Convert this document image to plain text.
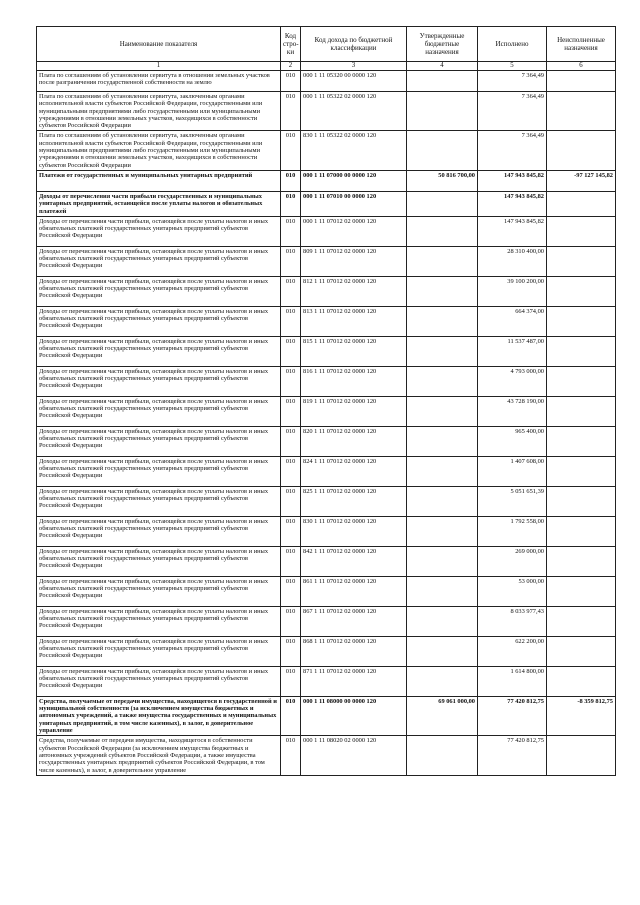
Наименование показателя	Код стро-ки	Код дохода по бюджетной классификации	Утвержденные бюджетные назначения	Исполнено	Неисполненные назначения
1	2	3	4	5	6
Плата по соглашениям об установлении сервитута в отношении земельных участков после разграничения государственной собственности на землю	010	000 1 11 05320 00 0000 120		7 364,49	
Плата по соглашениям об установлении сервитута, заключенным органами исполнительной власти субъектов Российской Федерации, государственными или муниципальными предприятиями либо государственными или муниципальными учреждениями в отношении земельных участков, находящихся в собственности субъектов Российской Федерации	010	000 1 11 05322 02 0000 120		7 364,49	
Плата по соглашениям об установлении сервитута, заключенным органами исполнительной власти субъектов Российской Федерации, государственными или муниципальными предприятиями либо государственными или муниципальными учреждениями в отношении земельных участков, находящихся в собственности субъектов Российской Федерации	010	830 1 11 05322 02 0000 120		7 364,49	
Платежи от государственных и муниципальных унитарных предприятий	010	000 1 11 07000 00 0000 120	50 816 700,00	147 943 845,82	-97 127 145,82
Доходы от перечисления части прибыли государственных и муниципальных унитарных предприятий, остающейся после уплаты налогов и обязательных платежей	010	000 1 11 07010 00 0000 120		147 943 845,82	
Доходы от перечисления части прибыли, остающейся после уплаты налогов и иных обязательных платежей государственных унитарных предприятий субъектов Российской Федерации	010	000 1 11 07012 02 0000 120		147 943 845,82	
Доходы от перечисления части прибыли, остающейся после уплаты налогов и иных обязательных платежей государственных унитарных предприятий субъектов Российской Федерации	010	809 1 11 07012 02 0000 120		28 310 400,00	
Доходы от перечисления части прибыли, остающейся после уплаты налогов и иных обязательных платежей государственных унитарных предприятий субъектов Российской Федерации	010	812 1 11 07012 02 0000 120		39 100 200,00	
Доходы от перечисления части прибыли, остающейся после уплаты налогов и иных обязательных платежей государственных унитарных предприятий субъектов Российской Федерации	010	813 1 11 07012 02 0000 120		664 374,00	
Доходы от перечисления части прибыли, остающейся после уплаты налогов и иных обязательных платежей государственных унитарных предприятий субъектов Российской Федерации	010	815 1 11 07012 02 0000 120		11 537 487,00	
Доходы от перечисления части прибыли, остающейся после уплаты налогов и иных обязательных платежей государственных унитарных предприятий субъектов Российской Федерации	010	816 1 11 07012 02 0000 120		4 793 000,00	
Доходы от перечисления части прибыли, остающейся после уплаты налогов и иных обязательных платежей государственных унитарных предприятий субъектов Российской Федерации	010	819 1 11 07012 02 0000 120		43 728 190,00	
Доходы от перечисления части прибыли, остающейся после уплаты налогов и иных обязательных платежей государственных унитарных предприятий субъектов Российской Федерации	010	820 1 11 07012 02 0000 120		965 400,00	
Доходы от перечисления части прибыли, остающейся после уплаты налогов и иных обязательных платежей государственных унитарных предприятий субъектов Российской Федерации	010	824 1 11 07012 02 0000 120		1 407 608,00	
Доходы от перечисления части прибыли, остающейся после уплаты налогов и иных обязательных платежей государственных унитарных предприятий субъектов Российской Федерации	010	825 1 11 07012 02 0000 120		5 051 651,39	
Доходы от перечисления части прибыли, остающейся после уплаты налогов и иных обязательных платежей государственных унитарных предприятий субъектов Российской Федерации	010	830 1 11 07012 02 0000 120		1 792 558,00	
Доходы от перечисления части прибыли, остающейся после уплаты налогов и иных обязательных платежей государственных унитарных предприятий субъектов Российской Федерации	010	842 1 11 07012 02 0000 120		269 000,00	
Доходы от перечисления части прибыли, остающейся после уплаты налогов и иных обязательных платежей государственных унитарных предприятий субъектов Российской Федерации	010	861 1 11 07012 02 0000 120		53 000,00	
Доходы от перечисления части прибыли, остающейся после уплаты налогов и иных обязательных платежей государственных унитарных предприятий субъектов Российской Федерации	010	867 1 11 07012 02 0000 120		8 033 977,43	
Доходы от перечисления части прибыли, остающейся после уплаты налогов и иных обязательных платежей государственных унитарных предприятий субъектов Российской Федерации	010	868 1 11 07012 02 0000 120		622 200,00	
Доходы от перечисления части прибыли, остающейся после уплаты налогов и иных обязательных платежей государственных унитарных предприятий субъектов Российской Федерации	010	871 1 11 07012 02 0000 120		1 614 800,00	
Средства, получаемые от передачи имущества, находящегося в государственной и муниципальной собственности (за исключением имущества бюджетных и автономных учреждений, а также имущества государственных и муниципальных унитарных предприятий, в том числе казенных), в залог, в доверительное управление	010	000 1 11 08000 00 0000 120	69 061 000,00	77 420 812,75	-8 359 812,75
Средства, получаемые от передачи имущества, находящегося в собственности субъектов Российской Федерации (за исключением имущества бюджетных и автономных учреждений субъектов Российской Федерации, а также имущества государственных унитарных предприятий субъектов Российской Федерации, в том числе казенных), в залог, в доверительное управление	010	000 1 11 08020 02 0000 120		77 420 812,75	
